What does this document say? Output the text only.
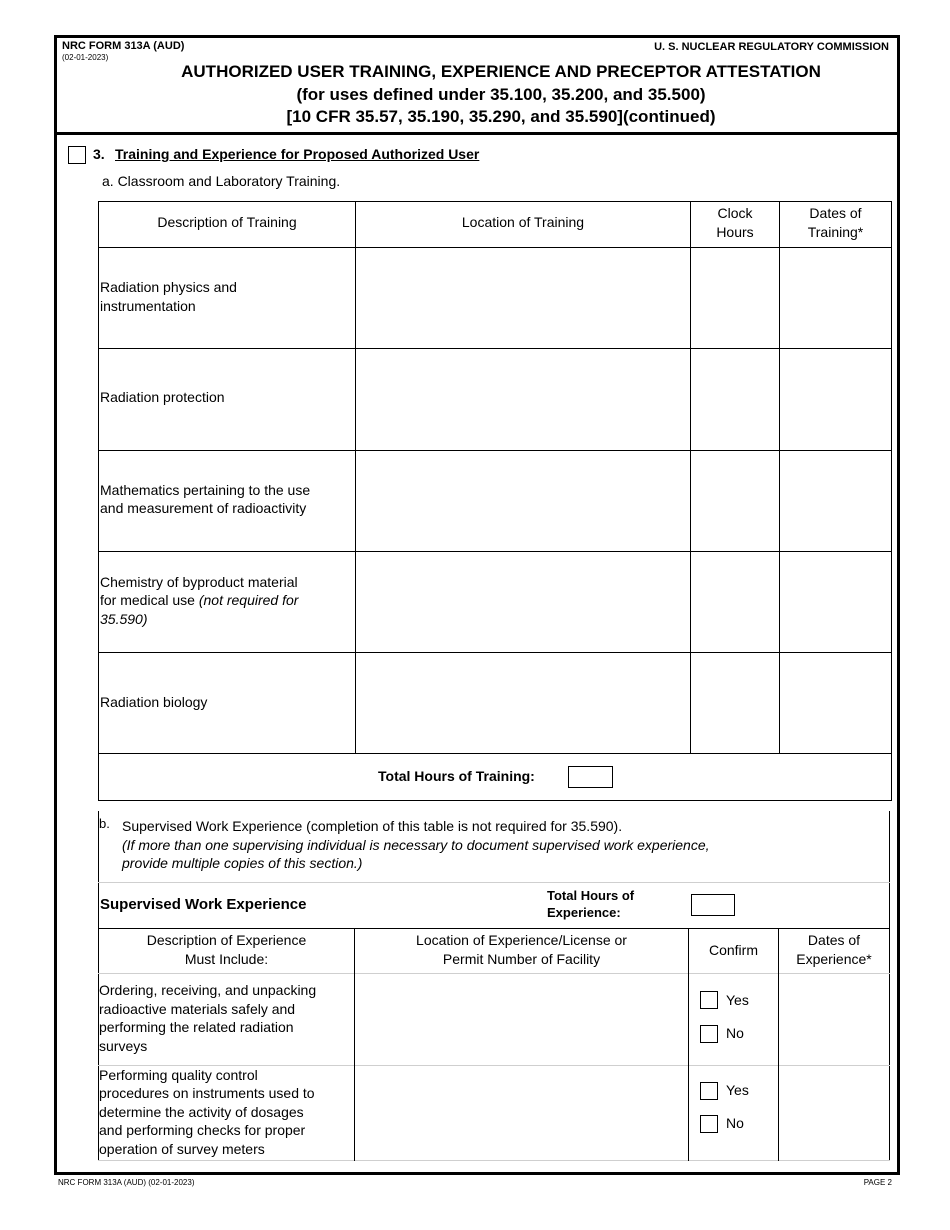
NRC FORM 313A (AUD)
(02-01-2023)
U. S. NUCLEAR REGULATORY COMMISSION
AUTHORIZED USER TRAINING, EXPERIENCE AND PRECEPTOR ATTESTATION
(for uses defined under 35.100, 35.200, and 35.500)
[10 CFR 35.57, 35.190, 35.290, and 35.590](continued)
3. Training and Experience for Proposed Authorized User
a. Classroom and Laboratory Training.
Description of Training	Location of Training
Clock
Hours
Dates of
Training*
Radiation physics and
instrumentation
Radiation protection
Mathematics pertaining to the use
and measurement of radioactivity
Chemistry of byproduct material
for medical use (not required for
35.590)
Radiation biology
Total Hours of Training:
b. Supervised Work Experience (completion of this table is not required for 35.590).
(If more than one supervising individual is necessary to document supervised work experience,
provide multiple copies of this section.)
Supervised Work Experience
Total Hours of
Experience:
Description of Experience
Must Include:
Location of Experience/License or
Permit Number of Facility
Confirm
Dates of
Experience*
Ordering, receiving, and unpacking
radioactive materials safely and
performing the related radiation
surveys
Yes
No
Performing quality control
procedures on instruments used to
determine the activity of dosages
and performing checks for proper
operation of survey meters
Yes
No
NRC FORM 313A (AUD) (02-01-2023)	PAGE 2
